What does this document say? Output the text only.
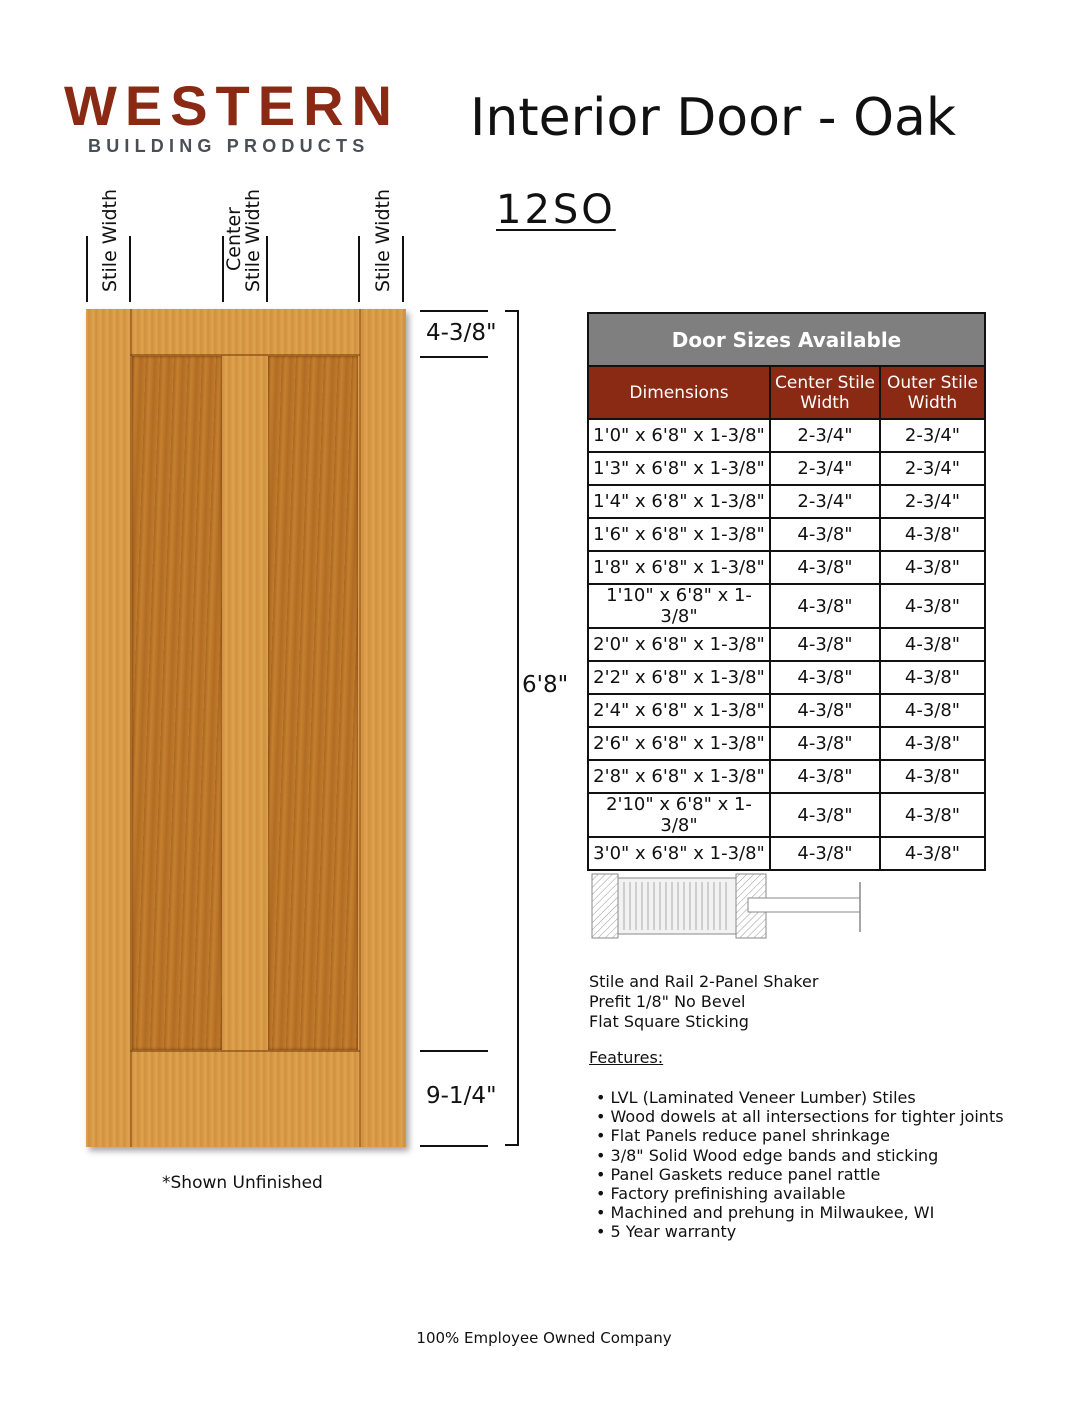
WESTERN
BUILDING PRODUCTS Interior Door - Oak
12SO
Stile Width	Center
Stile Width	Stile Width
4-3/8"
9-1/4"
6'8"
*Shown Unfinished
Door Sizes Available		
Dimensions	Center Stile Width	Outer Stile Width
1'0" x 6'8" x 1-3/8"	2-3/4"	2-3/4"
1'3" x 6'8" x 1-3/8"	2-3/4"	2-3/4"
1'4" x 6'8" x 1-3/8"	2-3/4"	2-3/4"
1'6" x 6'8" x 1-3/8"	4-3/8"	4-3/8"
1'8" x 6'8" x 1-3/8"	4-3/8"	4-3/8"
1'10" x 6'8" x 1-3/8"	4-3/8"	4-3/8"
2'0" x 6'8" x 1-3/8"	4-3/8"	4-3/8"
2'2" x 6'8" x 1-3/8"	4-3/8"	4-3/8"
2'4" x 6'8" x 1-3/8"	4-3/8"	4-3/8"
2'6" x 6'8" x 1-3/8"	4-3/8"	4-3/8"
2'8" x 6'8" x 1-3/8"	4-3/8"	4-3/8"
2'10" x 6'8" x 1-3/8"	4-3/8"	4-3/8"
3'0" x 6'8" x 1-3/8"	4-3/8"	4-3/8"
Stile and Rail 2-Panel Shaker
Prefit 1/8" No Bevel
Flat Square Sticking
Features:
• LVL (Laminated Veneer Lumber) Stiles
• Wood dowels at all intersections for tighter joints
• Flat Panels reduce panel shrinkage
• 3/8" Solid Wood edge bands and sticking
• Panel Gaskets reduce panel rattle
• Factory prefinishing available
• Machined and prehung in Milwaukee, WI
• 5 Year warranty
100% Employee Owned Company
